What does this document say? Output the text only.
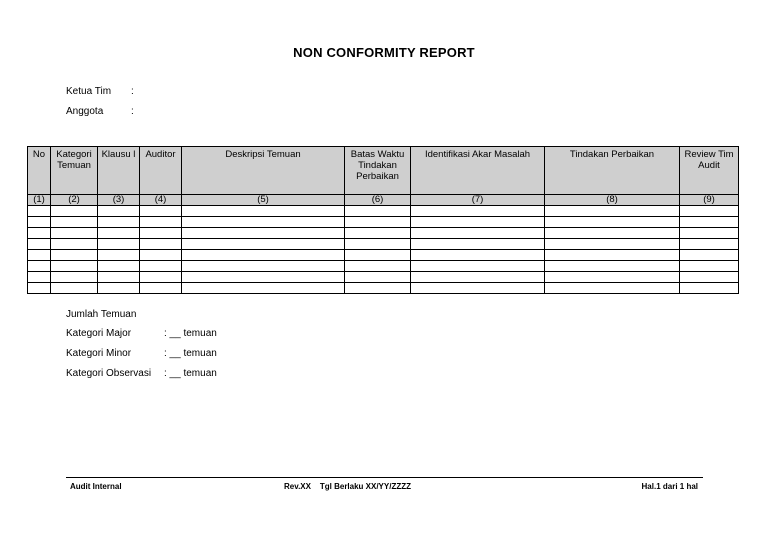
NON CONFORMITY REPORT
Ketua Tim :
Anggota	:
No	Kategori Temuan	Klausu l	Auditor	Deskripsi Temuan	Batas Waktu Tindakan Perbaikan	Identifikasi Akar Masalah	Tindakan Perbaikan	Review Tim Audit
(1)	(2)	(3)	(4)	(5)	(6)	(7)	(8)	(9)

Jumlah Temuan
Kategori Major	: __ temuan
Kategori Minor	: __ temuan
Kategori Observasi : __ temuan
Audit Internal	Rev.XX    Tgl Berlaku XX/YY/ZZZZ	Hal.1 dari 1 hal
